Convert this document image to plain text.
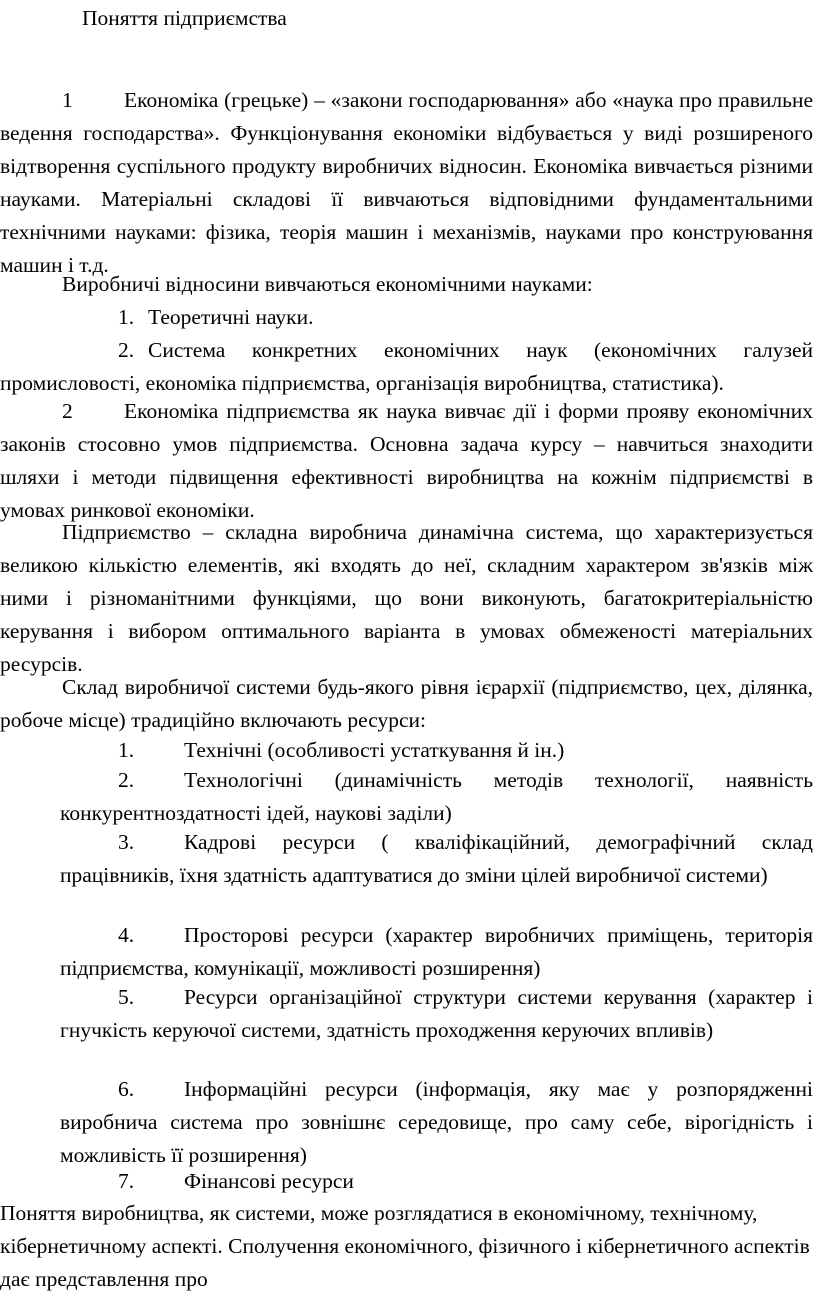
Поняття підприємства
1 Економіка (грецьке) – «закони господарювання» або «наука про правильне ведення господарства». Функціонування економіки відбувається у виді розширеного відтворення суспільного продукту виробничих відносин. Економіка вивчається різними науками. Матеріальні складові її вивчаються відповідними фундаментальними технічними науками: фізика, теорія машин і механізмів, науками про конструювання машин і т.д.
Виробничі відносини вивчаються економічними науками:
1. Теоретичні науки.
2. Система конкретних економічних наук (економічних галузей промисловості, економіка підприємства, організація виробництва, статистика).
2 Економіка підприємства як наука вивчає дії і форми прояву економічних законів стосовно умов підприємства. Основна задача курсу – навчиться знаходити шляхи і методи підвищення ефективності виробництва на кожнім підприємстві в умовах ринкової економіки.
Підприємство – складна виробнича динамічна система, що характеризується великою кількістю елементів, які входять до неї, складним характером зв'язків між ними і різноманітними функціями, що вони виконують, багатокритеріальністю керування і вибором оптимального варіанта в умовах обмеженості матеріальних ресурсів.
Склад виробничої системи будь-якого рівня ієрархії (підприємство, цех, ділянка, робоче місце) традиційно включають ресурси:
1. Технічні (особливості устаткування й ін.)
2. Технологічні (динамічність методів технології, наявність конкурентноздатності ідей, наукові заділи)
3. Кадрові ресурси ( кваліфікаційний, демографічний склад працівників, їхня здатність адаптуватися до зміни цілей виробничої системи)
4. Просторові ресурси (характер виробничих приміщень, територія підприємства, комунікації, можливості розширення)
5. Ресурси організаційної структури системи керування (характер і гнучкість керуючої системи, здатність проходження керуючих впливів)
6. Інформаційні ресурси (інформація, яку має у розпорядженні виробнича система про зовнішнє середовище, про саму себе, вірогідність і можливість її розширення)
7. Фінансові ресурси
Поняття виробництва, як системи, може розглядатися в економічному, технічному, кібернетичному аспекті. Сполучення економічного, фізичного і кібернетичного аспектів дає представлення про
